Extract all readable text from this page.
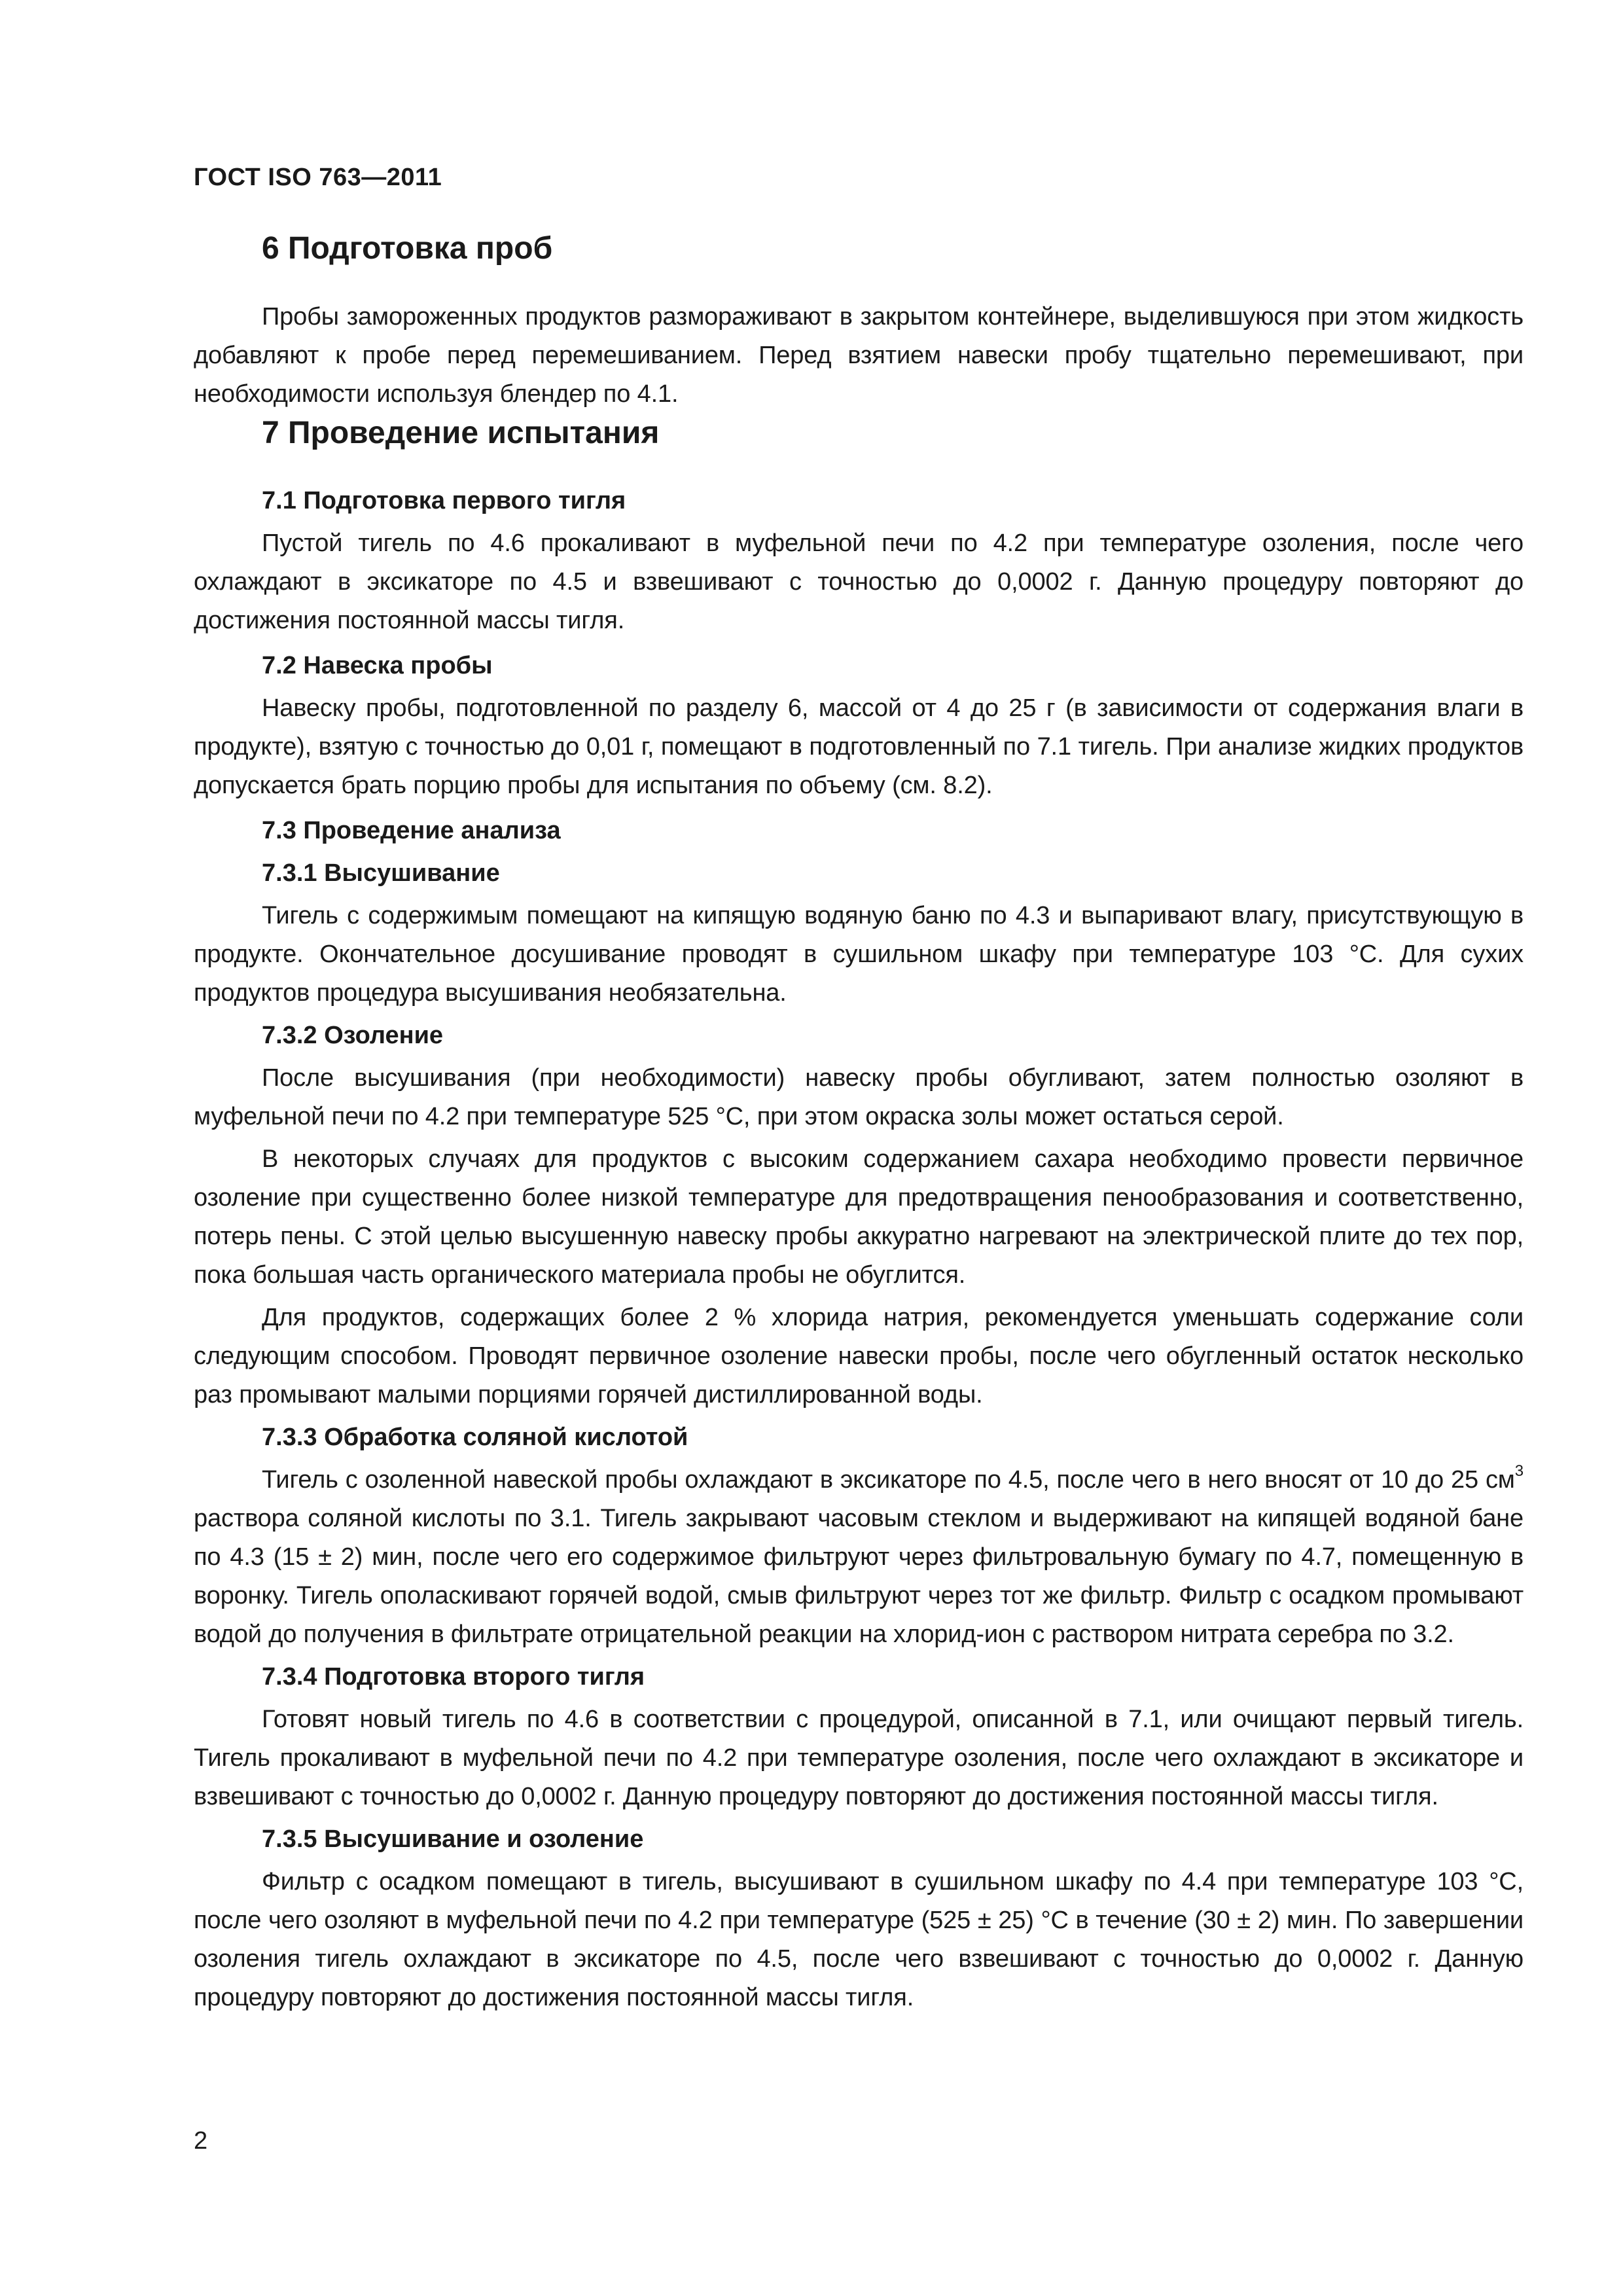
ГОСТ ISO 763—2011
6 Подготовка проб

Пробы замороженных продуктов размораживают в закрытом контейнере, выделившуюся при этом жидкость добавляют к пробе перед перемешиванием. Перед взятием навески пробу тщательно перемешивают, при необходимости используя блендер по 4.1.

7 Проведение испытания
7.1 Подготовка первого тигля

Пустой тигель по 4.6 прокаливают в муфельной печи по 4.2 при температуре озоления, после чего охлаждают в эксикаторе по 4.5 и взвешивают с точностью до 0,0002 г. Данную процедуру повторяют до достижения постоянной массы тигля.

7.2 Навеска пробы

Навеску пробы, подготовленной по разделу 6, массой от 4 до 25 г (в зависимости от содержания влаги в продукте), взятую с точностью до 0,01 г, помещают в подготовленный по 7.1 тигель. При анализе жидких продуктов допускается брать порцию пробы для испытания по объему (см. 8.2).

7.3 Проведение анализа
7.3.1 Высушивание

Тигель с содержимым помещают на кипящую водяную баню по 4.3 и выпаривают влагу, присутствующую в продукте. Окончательное досушивание проводят в сушильном шкафу при температуре 103 °С. Для сухих продуктов процедура высушивания необязательна.

7.3.2 Озоление

После высушивания (при необходимости) навеску пробы обугливают, затем полностью озоляют в муфельной печи по 4.2 при температуре 525 °С, при этом окраска золы может остаться серой.

В некоторых случаях для продуктов с высоким содержанием сахара необходимо провести первичное озоление при существенно более низкой температуре для предотвращения пенообразования и соответственно, потерь пены. С этой целью высушенную навеску пробы аккуратно нагревают на электрической плите до тех пор, пока большая часть органического материала пробы не обуглится.

Для продуктов, содержащих более 2 % хлорида натрия, рекомендуется уменьшать содержание соли следующим способом. Проводят первичное озоление навески пробы, после чего обугленный остаток несколько раз промывают малыми порциями горячей дистиллированной воды.

7.3.3 Обработка соляной кислотой

Тигель с озоленной навеской пробы охлаждают в эксикаторе по 4.5, после чего в него вносят от 10 до 25 $см^3$ раствора соляной кислоты по 3.1. Тигель закрывают часовым стеклом и выдерживают на кипящей водяной бане по 4.3 (15 ± 2) мин, после чего его содержимое фильтруют через фильтровальную бумагу по 4.7, помещенную в воронку. Тигель ополаскивают горячей водой, смыв фильтруют через тот же фильтр. Фильтр с осадком промывают водой до получения в фильтрате отрицательной реакции на хлорид-ион с раствором нитрата серебра по 3.2.

7.3.4 Подготовка второго тигля

Готовят новый тигель по 4.6 в соответствии с процедурой, описанной в 7.1, или очищают первый тигель. Тигель прокаливают в муфельной печи по 4.2 при температуре озоления, после чего охлаждают в эксикаторе и взвешивают с точностью до 0,0002 г. Данную процедуру повторяют до достижения постоянной массы тигля.

7.3.5 Высушивание и озоление

Фильтр с осадком помещают в тигель, высушивают в сушильном шкафу по 4.4 при температуре 103 °С, после чего озоляют в муфельной печи по 4.2 при температуре (525 ± 25) °С в течение (30 ± 2) мин. По завершении озоления тигель охлаждают в эксикаторе по 4.5, после чего взвешивают с точностью до 0,0002 г. Данную процедуру повторяют до достижения постоянной массы тигля.

2
